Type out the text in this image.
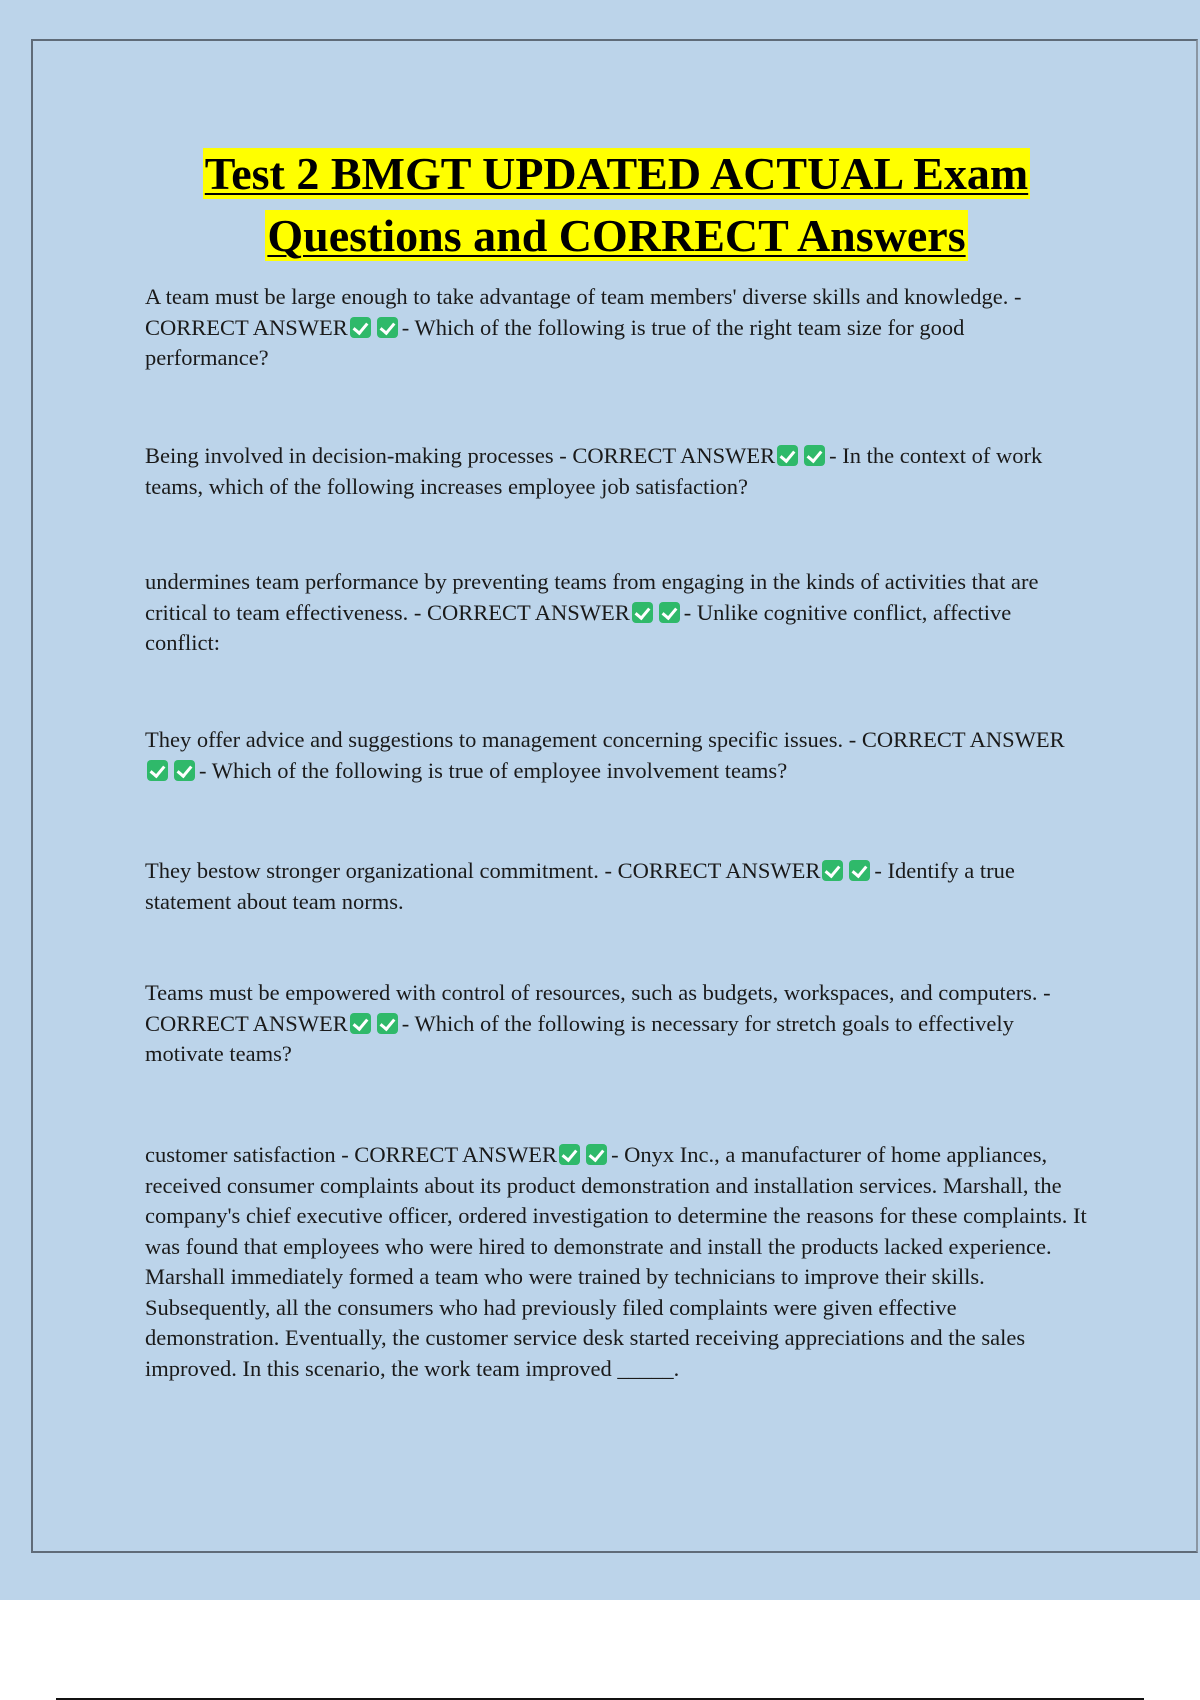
Test 2 BMGT UPDATED ACTUAL Exam
Questions and CORRECT Answers
A team must be large enough to take advantage of team members' diverse skills and knowledge. - CORRECT ANSWER - Which of the following is true of the right team size for good performance?
Being involved in decision-making processes - CORRECT ANSWER - In the context of work teams, which of the following increases employee job satisfaction?
undermines team performance by preventing teams from engaging in the kinds of activities that are critical to team effectiveness. - CORRECT ANSWER - Unlike cognitive conflict, affective conflict:
They offer advice and suggestions to management concerning specific issues. - CORRECT ANSWER- Which of the following is true of employee involvement teams?
They bestow stronger organizational commitment. - CORRECT ANSWER - Identify a true statement about team norms.
Teams must be empowered with control of resources, such as budgets, workspaces, and computers. - CORRECT ANSWER - Which of the following is necessary for stretch goals to effectively motivate teams?
customer satisfaction - CORRECT ANSWER - Onyx Inc., a manufacturer of home appliances, received consumer complaints about its product demonstration and installation services. Marshall, the company's chief executive officer, ordered investigation to determine the reasons for these complaints. It was found that employees who were hired to demonstrate and install the products lacked experience. Marshall immediately formed a team who were trained by technicians to improve their skills. Subsequently, all the consumers who had previously filed complaints were given effective demonstration. Eventually, the customer service desk started receiving appreciations and the sales improved. In this scenario, the work team improved _____.
